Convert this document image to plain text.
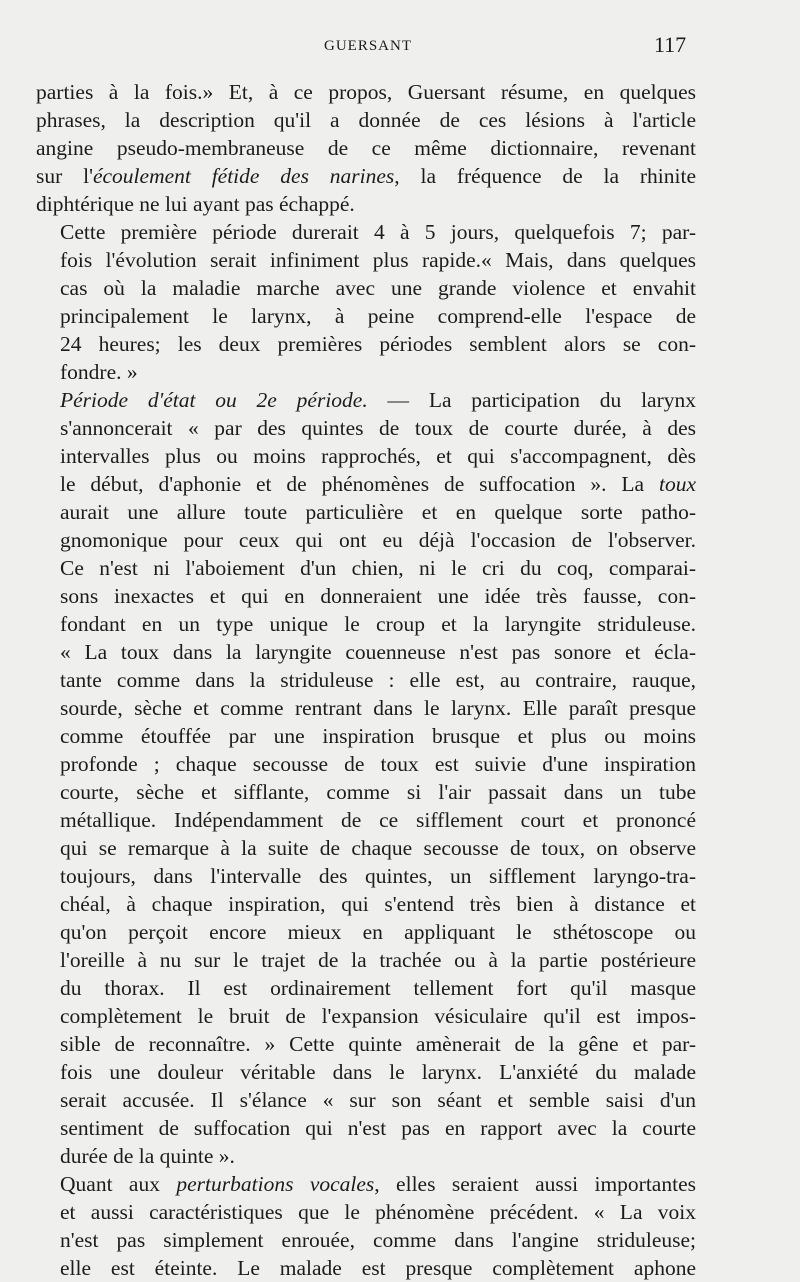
GUERSANT	117

parties à la fois.» Et, à ce propos, Guersant résume, en quelques
phrases, la description qu'il a donnée de ces lésions à l'article
angine pseudo-membraneuse de ce même dictionnaire, revenant
sur l'écoulement fétide des narines, la fréquence de la rhinite
diphtérique ne lui ayant pas échappé.

Cette première période durerait 4 à 5 jours, quelquefois 7; par-
fois l'évolution serait infiniment plus rapide.« Mais, dans quelques
cas où la maladie marche avec une grande violence et envahit
principalement le larynx, à peine comprend-elle l'espace de
24 heures; les deux premières périodes semblent alors se con-
fondre. »

Période d'état ou 2e période. — La participation du larynx
s'annoncerait « par des quintes de toux de courte durée, à des
intervalles plus ou moins rapprochés, et qui s'accompagnent, dès
le début, d'aphonie et de phénomènes de suffocation ». La toux
aurait une allure toute particulière et en quelque sorte patho-
gnomonique pour ceux qui ont eu déjà l'occasion de l'observer.
Ce n'est ni l'aboiement d'un chien, ni le cri du coq, comparai-
sons inexactes et qui en donneraient une idée très fausse, con-
fondant en un type unique le croup et la laryngite striduleuse.
« La toux dans la laryngite couenneuse n'est pas sonore et écla-
tante comme dans la striduleuse : elle est, au contraire, rauque,
sourde, sèche et comme rentrant dans le larynx. Elle paraît presque
comme étouffée par une inspiration brusque et plus ou moins
profonde ; chaque secousse de toux est suivie d'une inspiration
courte, sèche et sifflante, comme si l'air passait dans un tube
métallique. Indépendamment de ce sifflement court et prononcé
qui se remarque à la suite de chaque secousse de toux, on observe
toujours, dans l'intervalle des quintes, un sifflement laryngo-tra-
chéal, à chaque inspiration, qui s'entend très bien à distance et
qu'on perçoit encore mieux en appliquant le sthétoscope ou
l'oreille à nu sur le trajet de la trachée ou à la partie postérieure
du thorax. Il est ordinairement tellement fort qu'il masque
complètement le bruit de l'expansion vésiculaire qu'il est impos-
sible de reconnaître. » Cette quinte amènerait de la gêne et par-
fois une douleur véritable dans le larynx. L'anxiété du malade
serait accusée. Il s'élance « sur son séant et semble saisi d'un
sentiment de suffocation qui n'est pas en rapport avec la courte
durée de la quinte ».

Quant aux perturbations vocales, elles seraient aussi importantes
et aussi caractéristiques que le phénomène précédent. « La voix
n'est pas simplement enrouée, comme dans l'angine striduleuse;
elle est éteinte. Le malade est presque complètement aphone
